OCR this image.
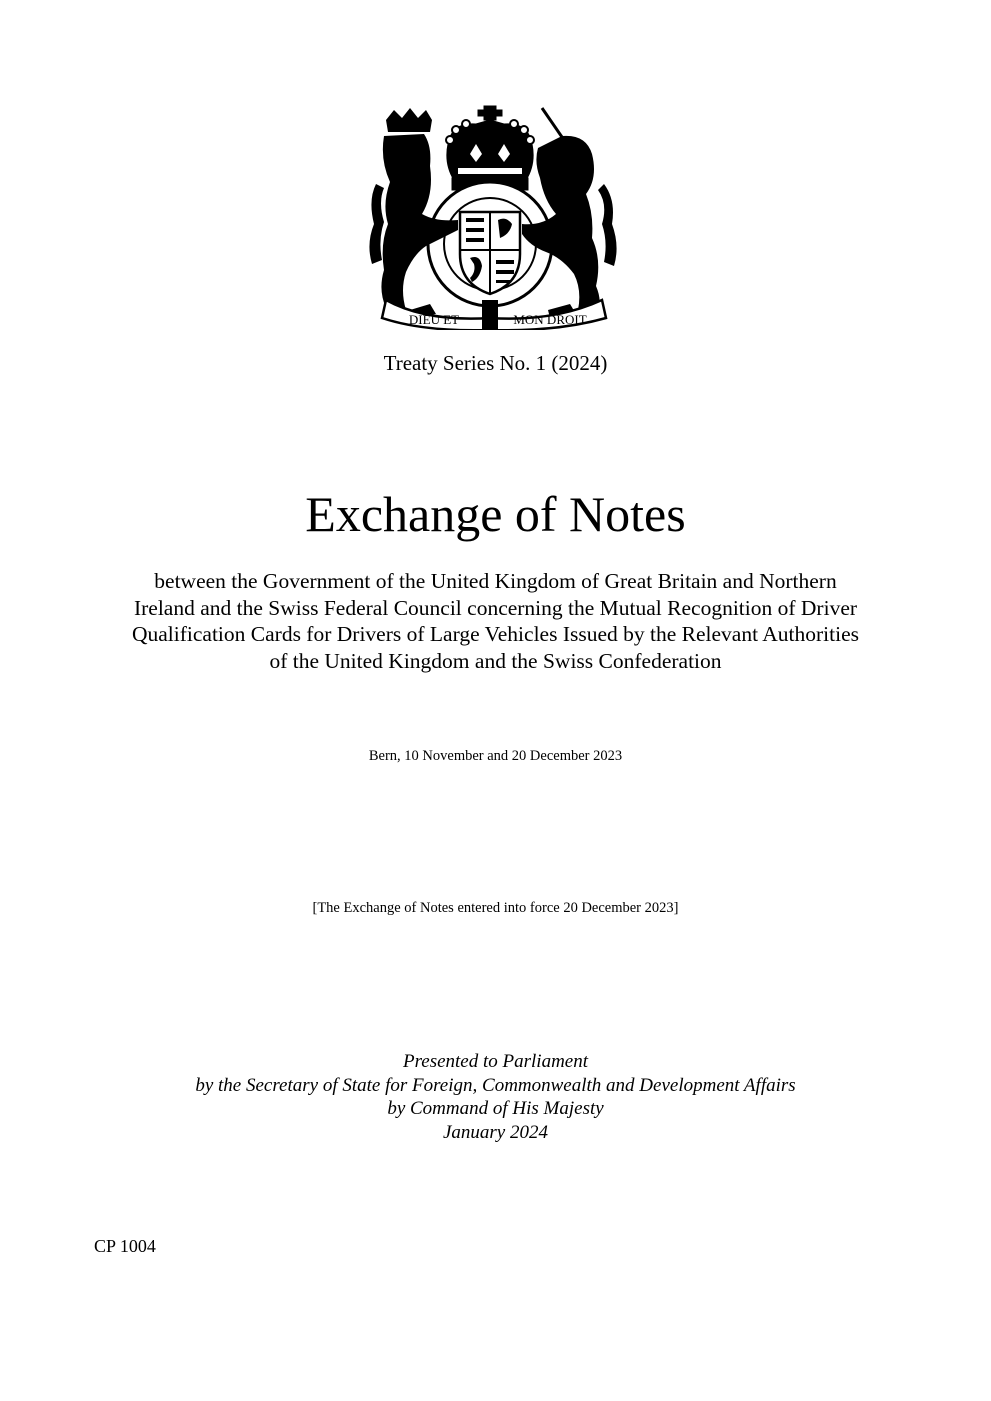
DIEU ET	MON DROIT
Treaty Series No. 1 (2024)
Exchange of Notes
between the Government of the United Kingdom of Great Britain and Northern
Ireland and the Swiss Federal Council concerning the Mutual Recognition of Driver
Qualification Cards for Drivers of Large Vehicles Issued by the Relevant Authorities
of the United Kingdom and the Swiss Confederation
Bern, 10 November and 20 December 2023
[The Exchange of Notes entered into force 20 December 2023]
Presented to Parliament
by the Secretary of State for Foreign, Commonwealth and Development Affairs
by Command of His Majesty
January 2024
CP 1004
